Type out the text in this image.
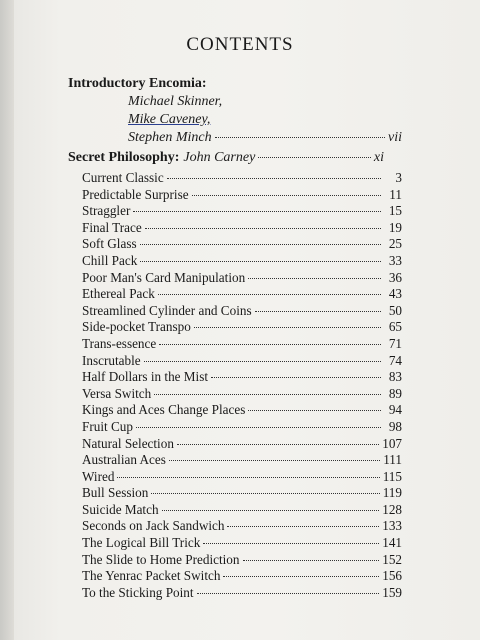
CONTENTS
Introductory Encomia:
Michael Skinner,
Mike Caveney,
Stephen Minch	vii
Secret Philosophy: John Carney	xi
Current Classic	3
Predictable Surprise	11
Straggler	15
Final Trace	19
Soft Glass	25
Chill Pack	33
Poor Man's Card Manipulation	36
Ethereal Pack	43
Streamlined Cylinder and Coins	50
Side-pocket Transpo	65
Trans-essence	71
Inscrutable	74
Half Dollars in the Mist	83
Versa Switch	89
Kings and Aces Change Places	94
Fruit Cup	98
Natural Selection	107
Australian Aces	111
Wired	115
Bull Session	119
Suicide Match	128
Seconds on Jack Sandwich	133
The Logical Bill Trick	141
The Slide to Home Prediction	152
The Yenrac Packet Switch	156
To the Sticking Point	159
